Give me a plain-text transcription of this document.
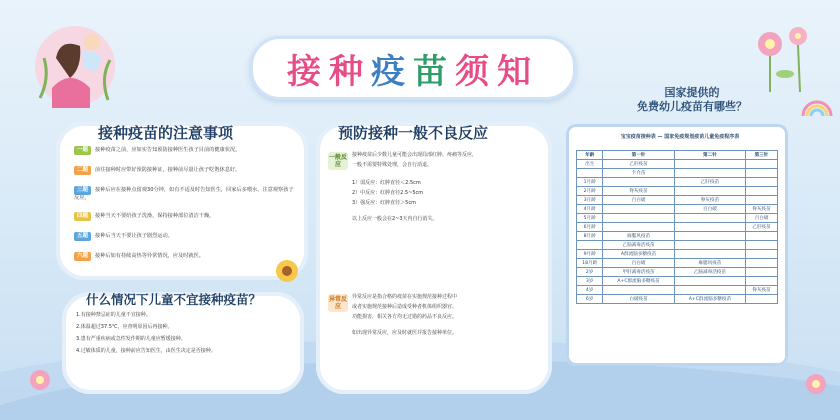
接种疫苗须知
接种疫苗的注意事项
一题 接种疫苗之前，应如实告知预防接种医生孩子目前的健康状况。
二题 前往接种时应带好预防接种证，接种前尽量让孩子吃饱休息好。
三题 接种后应在接种点留观30分钟，如有不适及时告知医生，回家后多喂水，注意观察孩子反应。
四题 接种当天不要给孩子洗澡，保持接种部位清洁干燥。
五题 接种后当天不要让孩子剧烈运动。
六题 接种后如有持续高热等异常情况，应及时就医。
什么情况下儿童不宜接种疫苗？
1.有接种禁忌症的儿童不宜接种。
2.体温超过37.5℃，应查明原因后再接种。
3.患有严重疾病或急性发作期的儿童应暂缓接种。
4.过敏体质的儿童，接种前应告知医生，由医生决定是否接种。
预防接种一般不良反应
一般反应
接种疫苗后少数儿童可能会出现局部红肿、疼痛等反应，
一般不需要特殊处理，会自行消退。
1）弱反应：红肿直径＜2.5cm
2）中反应：红肿直径2.5~5cm
3）强反应：红肿直径＞5cm
以上反应一般会在2~3天内自行消失。
异常反应
异常反应是指合格的疫苗在实施规范接种过程中
或者实施规范接种后造成受种者机体组织器官、
功能损害，相关各方均无过错的药品不良反应。
如出现异常反应，应及时就医并报告接种单位。
国家提供的
免费幼儿疫苗有哪些？
宝宝疫苗接种表 — 国家免疫规划疫苗儿童免疫程序表
年龄	第一针	第二针	第三针
出生	乙肝疫苗		
	卡介苗		
1月龄		乙肝疫苗	
2月龄	脊灰疫苗		
3月龄	百白破	脊灰疫苗	
4月龄		百白破	脊灰疫苗
5月龄			百白破
6月龄			乙肝疫苗
8月龄	麻腮风疫苗		
	乙脑减毒活疫苗		
9月龄	A群流脑多糖疫苗		
18月龄	百白破	麻腮风疫苗	
2岁	甲肝减毒活疫苗	乙脑减毒活疫苗	
3岁	A+C群流脑多糖疫苗		
4岁			脊灰疫苗
6岁	白破疫苗	A+C群流脑多糖疫苗	
